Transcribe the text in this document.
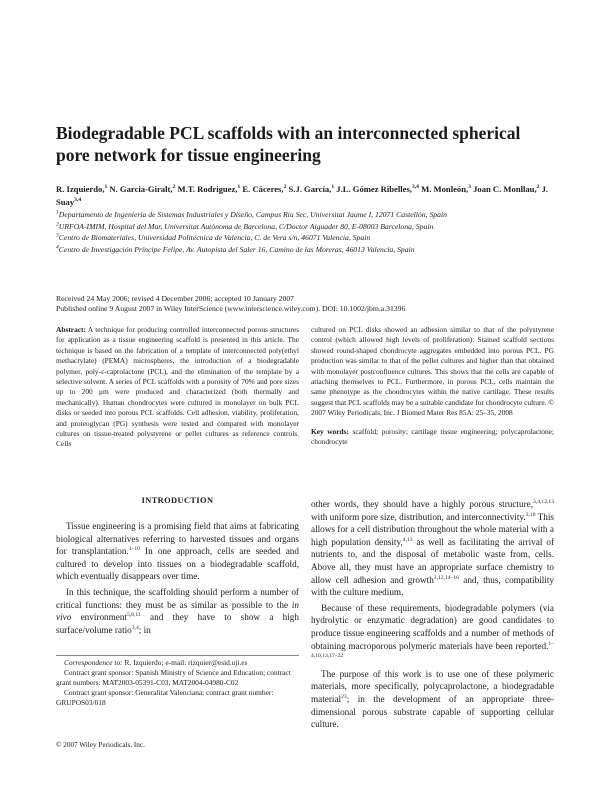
Biodegradable PCL scaffolds with an interconnected spherical pore network for tissue engineering
R. Izquierdo,$^1$ N. Garcia-Giralt,$^2$ M.T. Rodriguez,$^1$ E. Cáceres,$^2$ S.J. García,$^1$ J.L. Gómez Ribelles,$^{3,4}$ M. Monleón,$^3$ Joan C. Monllau,$^2$ J. Suay$^{3,4}$

$^1$Departamento de Ingeniería de Sistemas Industriales y Diseño, Campus Riu Sec, Universitat Jaume I, 12071 Castellón, Spain

$^2$URFOA-IMIM, Hospital del Mar, Universitat Autònoma de Barcelona, C/Doctor Aiguader 80, E-08003 Barcelona, Spain

$^3$Centro de Biomateriales, Universidad Politécnica de Valencia, C. de Vera s/n, 46071 Valencia, Spain

$^4$Centro de Investigación Príncipe Felipe, Av. Autopista del Saler 16, Camino de las Moreras, 46013 Valencia, Spain

Received 24 May 2006; revised 4 December 2006; accepted 10 January 2007

Published online 9 August 2007 in Wiley InterScience (www.interscience.wiley.com). DOI: 10.1002/jbm.a.31396

Abstract: A technique for producing controlled interconnected porous structures for application as a tissue engineering scaffold is presented in this article. The technique is based on the fabrication of a template of interconnected poly(ethyl methacrylate) (PEMA) microspheres, the introduction of a biodegradable polymer, poly-ε-caprolactone (PCL), and the elimination of the template by a selective solvent. A series of PCL scaffolds with a porosity of 70% and pore sizes up to 200 μm were produced and characterized (both thermally and mechanically). Human chondrocytes were cultured in monolayer on bulk PCL disks or seeded into porous PCL scaffolds. Cell adhesion, viability, proliferation, and proteoglycan (PG) synthesis were tested and compared with monolayer cultures on tissue-treated polystyrene or pellet cultures as reference controls. Cells

cultured on PCL disks showed an adhesion similar to that of the polystyrene control (which allowed high levels of proliferation). Stained scaffold sections showed round-shaped chondrocyte aggregates embedded into porous PCL. PG production was similar to that of the pellet cultures and higher than that obtained with monolayer postconfluence cultures. This shows that the cells are capable of attaching themselves to PCL. Furthermore, in porous PCL, cells maintain the same phenotype as the chondrocytes within the native cartilage. These results suggest that PCL scaffolds may be a suitable candidate for chondrocyte culture. © 2007 Wiley Periodicals, Inc. J Biomed Mater Res 85A: 25–35, 2008

Key words: scaffold; porosity; cartilage tissue engineering; polycaprolactone; chondrocyte

INTRODUCTION

Tissue engineering is a promising field that aims at fabricating biological alternatives referring to harvested tissues and organs for transplantation.$^{1-10}$ In one approach, cells are seeded and cultured to develop into tissues on a biodegradable scaffold, which eventually disappears over time.

In this technique, the scaffolding should perform a number of critical functions: they must be as similar as possible to the in vivo environment$^{5,8,11}$ and they have to show a high surface/volume ratio$^{3,4}$; in

Correspondence to: R. Izquierdo; e-mail: rizquier@esid.uji.es

Contract grant sponsor: Spanish Ministry of Science and Education; contract grant numbers: MAT2003-05391-C03, MAT2004-04980-C02

Contract grant sponsor: Generalitat Valenciana; contract grant number: GRUPOS03/018

© 2007 Wiley Periodicals, Inc.

other words, they should have a highly porous structure,$^{3,4,12,13}$ with uniform pore size, distribution, and interconnectivity.$^{3,10}$ This allows for a cell distribution throughout the whole material with a high population density,$^{4,13}$ as well as facilitating the arrival of nutrients to, and the disposal of metabolic waste from, cells. Above all, they must have an appropriate surface chemistry to allow cell adhesion and growth$^{3,12,14-16}$ and, thus, compatibility with the culture medium.

Because of these requirements, biodegradable polymers (via hydrolytic or enzymatic degradation) are good candidates to produce tissue engineering scaffolds and a number of methods of obtaining macroporous polymeric materials have been reported.$^{1-4,10,13,17-22}$

The purpose of this work is to use one of these polymeric materials, more specifically, polycaprolactone, a biodegradable material$^{23}$; in the development of an appropriate three-dimensional porous substrate capable of supporting cellular culture.
